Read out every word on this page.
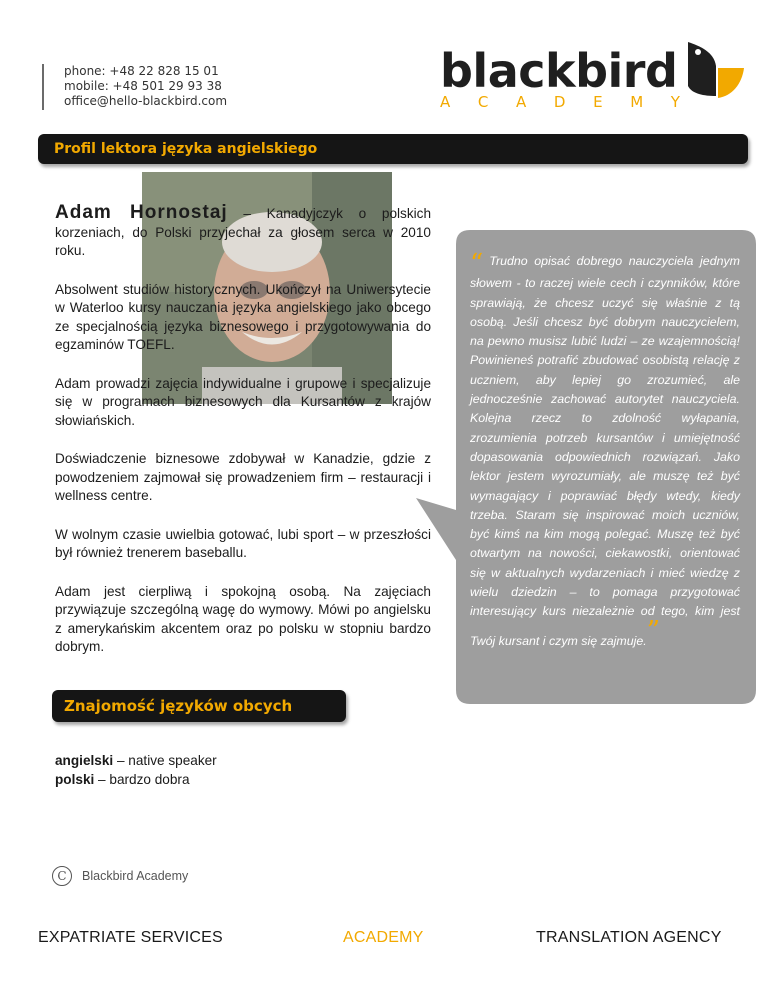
phone: +48 22 828 15 01
mobile: +48 501 29 93 38
office@hello-blackbird.com
blackbird
A C A D E M Y
Profil lektora języka angielskiego

Adam Hornostaj – Kanadyjczyk o polskich korzeniach, do Polski przyjechał za głosem serca w 2010 roku.

Absolwent studiów historycznych. Ukończył na Uniwersytecie w Waterloo kursy nauczania języka angielskiego jako obcego ze specjalnością języka biznesowego i przygotowywania do egzaminów TOEFL.

Adam prowadzi zajęcia indywidualne i grupowe i specjalizuje się w programach biznesowych dla Kursantów z krajów słowiańskich.

Doświadczenie biznesowe zdobywał w Kanadzie, gdzie z powodzeniem zajmował się prowadzeniem firm – restauracji i wellness centre.

W wolnym czasie uwielbia gotować, lubi sport – w przeszłości był również trenerem baseballu.

Adam jest cierpliwą i spokojną osobą. Na zajęciach przywiązuje szczególną wagę do wymowy. Mówi po angielsku z amerykańskim akcentem oraz po polsku w stopniu bardzo dobrym.

“ Trudno opisać dobrego nauczyciela jednym słowem - to raczej wiele cech i czynników, które sprawiają, że chcesz uczyć się właśnie z tą osobą. Jeśli chcesz być dobrym nauczycielem, na pewno musisz lubić ludzi – ze wzajemnością! Powinieneś potrafić zbudować osobistą relację z uczniem, aby lepiej go zrozumieć, ale jednocześnie zachować autorytet nauczyciela. Kolejna rzecz to zdolność wyłapania, zrozumienia potrzeb kursantów i umiejętność dopasowania odpowiednich rozwiązań. Jako lektor jestem wyrozumiały, ale muszę też być wymagający i poprawiać błędy wtedy, kiedy trzeba. Staram się inspirować moich uczniów, być kimś na kim mogą polegać. Muszę też być otwartym na nowości, ciekawostki, orientować się w aktualnych wydarzeniach i mieć wiedzę z wielu dziedzin – to pomaga przygotować interesujący kurs niezależnie od tego, kim jest Twój kursant i czym się zajmuje.”
Znajomość języków obcych
angielski – native speaker
polski – bardzo dobra
C	Blackbird Academy
EXPATRIATE SERVICES	ACADEMY	TRANSLATION AGENCY
